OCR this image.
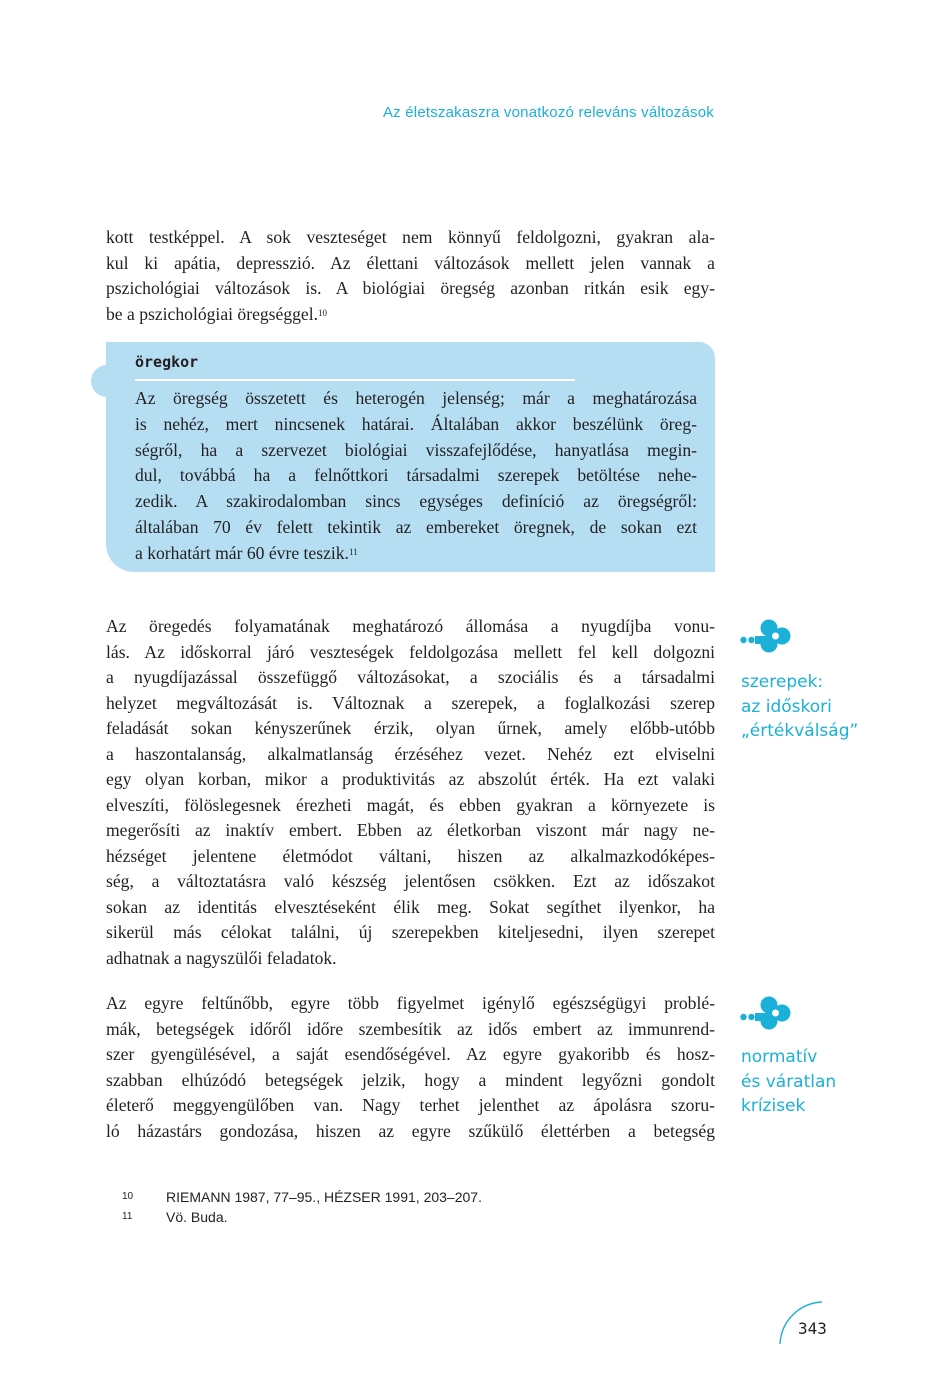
Az életszakaszra vonatkozó releváns változások
kott testképpel. A sok veszteséget nem könnyű feldolgozni, gyakran ala-
kul ki apátia, depresszió. Az élettani változások mellett jelen vannak a
pszichológiai változások is. A biológiai öregség azonban ritkán esik egy-
be a pszichológiai öregséggel.$^{10}$
öregkor
Az öregség összetett és heterogén jelenség; már a meghatározása
is nehéz, mert nincsenek határai. Általában akkor beszélünk öreg-
ségről, ha a szervezet biológiai visszafejlődése, hanyatlása megin-
dul, továbbá ha a felnőttkori társadalmi szerepek betöltése nehe-
zedik. A szakirodalomban sincs egységes definíció az öregségről:
általában 70 év felett tekintik az embereket öregnek, de sokan ezt
a korhatárt már 60 évre teszik.$^{11}$
Az öregedés folyamatának meghatározó állomása a nyugdíjba vonu-
lás. Az időskorral járó veszteségek feldolgozása mellett fel kell dolgozni
a nyugdíjazással összefüggő változásokat, a szociális és a társadalmi
helyzet megváltozását is. Változnak a szerepek, a foglalkozási szerep
feladását sokan kényszerűnek érzik, olyan űrnek, amely előbb-utóbb
a haszontalanság, alkalmatlanság érzéséhez vezet. Nehéz ezt elviselni
egy olyan korban, mikor a produktivitás az abszolút érték. Ha ezt valaki
elveszíti, fölöslegesnek érezheti magát, és ebben gyakran a környezete is
megerősíti az inaktív embert. Ebben az életkorban viszont már nagy ne-
hézséget jelentene életmódot váltani, hiszen az alkalmazkodóképes-
ség, a változtatásra való készség jelentősen csökken. Ezt az időszakot
sokan az identitás elvesztéseként élik meg. Sokat segíthet ilyenkor, ha
sikerül más célokat találni, új szerepekben kiteljesedni, ilyen szerepet
adhatnak a nagyszülői feladatok.
Az egyre feltűnőbb, egyre több figyelmet igénylő egészségügyi problé-
mák, betegségek időről időre szembesítik az idős embert az immunrend-
szer gyengülésével, a saját esendőségével. Az egyre gyakoribb és hosz-
szabban elhúzódó betegségek jelzik, hogy a mindent legyőzni gondolt
életerő meggyengülőben van. Nagy terhet jelenthet az ápolásra szoru-
ló házastárs gondozása, hiszen az egyre szűkülő élettérben a betegség
szerepek:
az időskori
„értékválság”
normatív
és váratlan
krízisek
10 RIEMANN 1987, 77–95., HÉZSER 1991, 203–207.
11 Vö. Buda.
343
